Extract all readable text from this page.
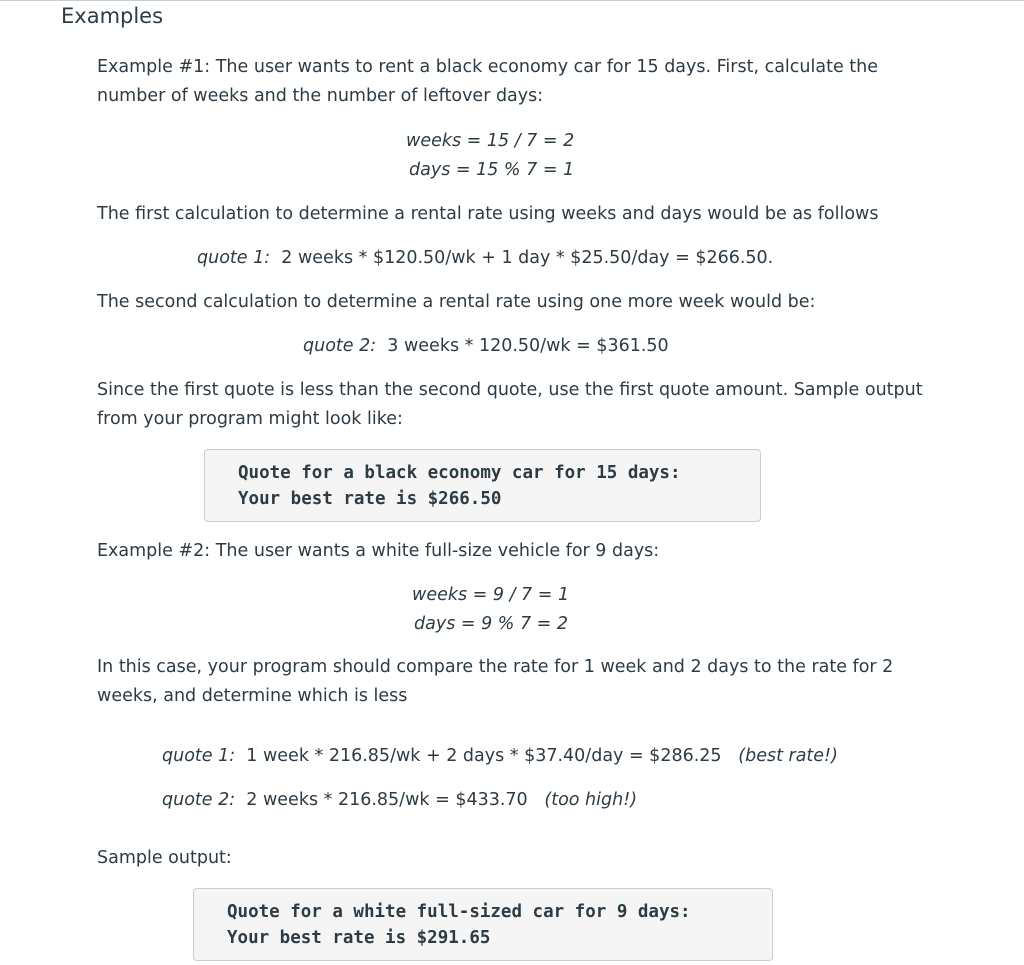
Examples
Example #1: The user wants to rent a black economy car for 15 days. First, calculate the
number of weeks and the number of leftover days:
weeks = 15 / 7 = 2
days = 15 % 7 = 1
The first calculation to determine a rental rate using weeks and days would be as follows
quote 1: 2 weeks * $120.50/wk + 1 day * $25.50/day = $266.50.
The second calculation to determine a rental rate using one more week would be:
quote 2: 3 weeks * 120.50/wk = $361.50
Since the first quote is less than the second quote, use the first quote amount. Sample output
from your program might look like:
Quote for a black economy car for 15 days:
Your best rate is $266.50
Example #2: The user wants a white full-size vehicle for 9 days:
weeks = 9 / 7 = 1
days = 9 % 7 = 2
In this case, your program should compare the rate for 1 week and 2 days to the rate for 2
weeks, and determine which is less
quote 1: 1 week * 216.85/wk + 2 days * $37.40/day = $286.25 (best rate!)
quote 2: 2 weeks * 216.85/wk = $433.70 (too high!)
Sample output:
Quote for a white full-sized car for 9 days:
Your best rate is $291.65
